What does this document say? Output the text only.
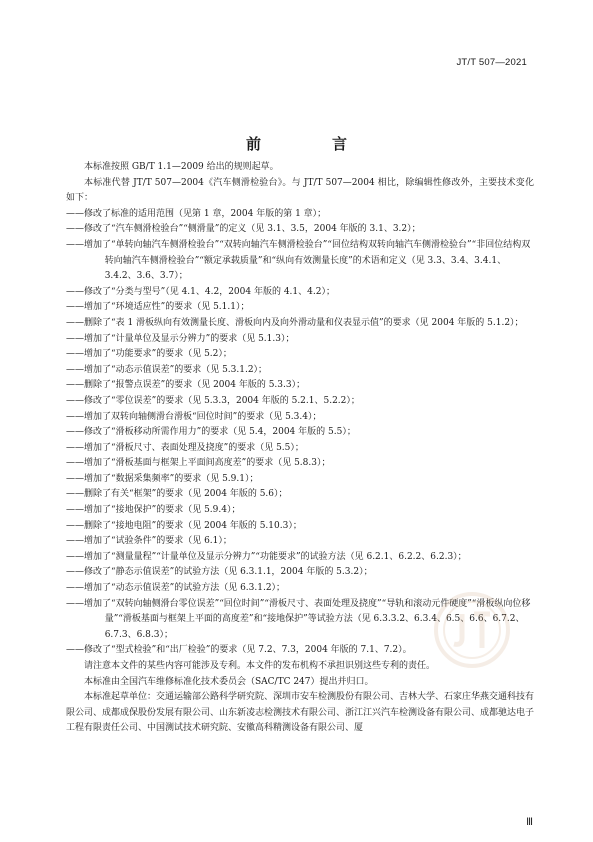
JT/T 507—2021
前　言

本标准按照 GB/T 1.1—2009 给出的规则起草。

本标准代替 JT/T 507—2004《汽车侧滑检验台》。与 JT/T 507—2004 相比，除编辑性修改外，主要技术变化如下：

——修改了标准的适用范围（见第 1 章，2004 年版的第 1 章）；

——修改了“汽车侧滑检验台”“侧滑量”的定义（见 3.1、3.5，2004 年版的 3.1、3.2）；

——增加了“单转向轴汽车侧滑检验台”“双转向轴汽车侧滑检验台”“回位结构双转向轴汽车侧滑检验台”“非回位结构双转向轴汽车侧滑检验台”“额定承载质量”和“纵向有效测量长度”的术语和定义（见 3.3、3.4、3.4.1、3.4.2、3.6、3.7）；

——修改了“分类与型号”（见 4.1、4.2，2004 年版的 4.1、4.2）；

——增加了“环境适应性”的要求（见 5.1.1）；

——删除了“表 1 滑板纵向有效测量长度、滑板向内及向外滑动量和仪表显示值”的要求（见 2004 年版的 5.1.2）；

——增加了“计量单位及显示分辨力”的要求（见 5.1.3）；

——增加了“功能要求”的要求（见 5.2）；

——增加了“动态示值误差”的要求（见 5.3.1.2）；

——删除了“报警点误差”的要求（见 2004 年版的 5.3.3）；

——修改了“零位误差”的要求（见 5.3.3，2004 年版的 5.2.1、5.2.2）；

——增加了双转向轴侧滑台滑板“回位时间”的要求（见 5.3.4）；

——修改了“滑板移动所需作用力”的要求（见 5.4，2004 年版的 5.5）；

——增加了“滑板尺寸、表面处理及挠度”的要求（见 5.5）；

——增加了“滑板基面与框架上平面间高度差”的要求（见 5.8.3）；

——增加了“数据采集频率”的要求（见 5.9.1）；

——删除了有关“框架”的要求（见 2004 年版的 5.6）；

——增加了“接地保护”的要求（见 5.9.4）；

——删除了“接地电阻”的要求（见 2004 年版的 5.10.3）；

——增加了“试验条件”的要求（见 6.1）；

——增加了“测量量程”“计量单位及显示分辨力”“功能要求”的试验方法（见 6.2.1、6.2.2、6.2.3）；

——修改了“静态示值误差”的试验方法（见 6.3.1.1，2004 年版的 5.3.2）；

——增加了“动态示值误差”的试验方法（见 6.3.1.2）；

——增加了“双转向轴侧滑台零位误差”“回位时间”“滑板尺寸、表面处理及挠度”“导轨和滚动元件硬度”“滑板纵向位移量”“滑板基面与框架上平面的高度差”和“接地保护”等试验方法（见 6.3.3.2、6.3.4、6.5、6.6、6.7.2、6.7.3、6.8.3）；

——修改了“型式检验”和“出厂检验”的要求（见 7.2、7.3，2004 年版的 7.1、7.2）。

请注意本文件的某些内容可能涉及专利。本文件的发布机构不承担识别这些专利的责任。

本标准由全国汽车维修标准化技术委员会（SAC/TC 247）提出并归口。

本标准起草单位：交通运输部公路科学研究院、深圳市安车检测股份有限公司、吉林大学、石家庄华燕交通科技有限公司、成都成保股份发展有限公司、山东新凌志检测技术有限公司、浙江江兴汽车检测设备有限公司、成都驰达电子工程有限责任公司、中国测试技术研究院、安徽高科精测设备有限公司、厦

Ⅲ
